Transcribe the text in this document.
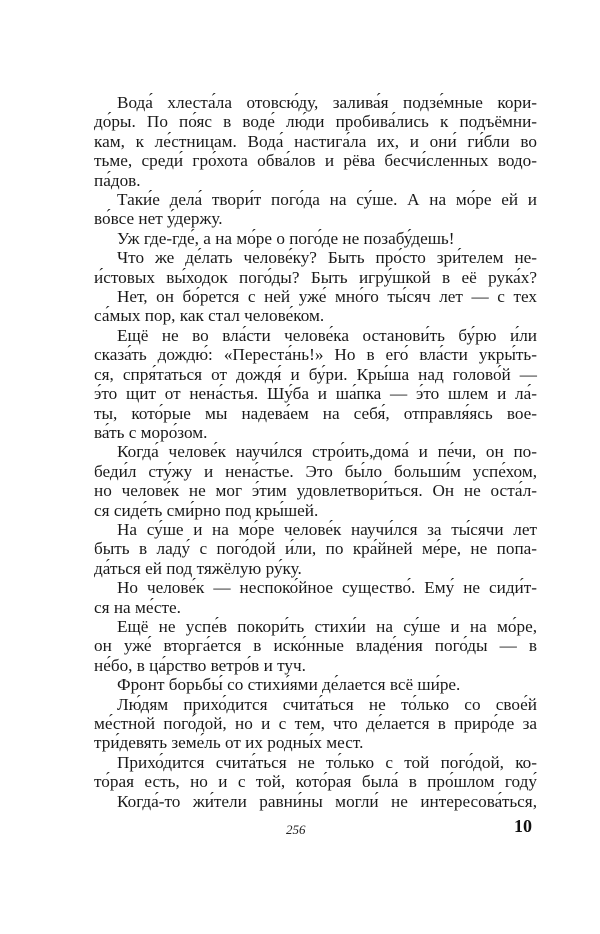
Вода́ хлеста́ла отовсю́ду, залива́я подзе́мные кори-
до́ры. По по́яс в воде́ лю́ди пробива́лись к подъёмни-
кам, к ле́стницам. Вода́ настига́ла их, и они́ ги́бли во
тьме, среди́ гро́хота обва́лов и рёва бесчи́сленных водо-
па́дов.
Таки́е дела́ твори́т пого́да на су́ше. А на мо́ре ей и
во́все нет у́держу.
Уж где-где́, а на мо́ре о пого́де не позабу́дешь!
Что же де́лать челове́ку? Быть про́сто зри́телем не-
и́стовых вы́ходок пого́ды? Быть игру́шкой в её рука́х?
Нет, он бо́рется с ней уже́ мно́го ты́сяч лет — с тех
са́мых пор, как стал челове́ком.
Ещё не во вла́сти челове́ка останови́ть бу́рю и́ли
сказа́ть дождю́: «Переста́нь!» Но в его́ вла́сти укры́ть-
ся, спря́таться от дождя́ и бу́ри. Кры́ша над голово́й —
э́то щит от нена́стья. Шу́ба и ша́пка — э́то шлем и ла́-
ты, кото́рые мы надева́ем на себя́, отправля́ясь вое-
ва́ть с моро́зом.
Когда́ челове́к научи́лся стро́ить,дома́ и пе́чи, он по-
беди́л сту́жу и нена́стье. Это бы́ло больши́м успе́хом,
но челове́к не мог э́тим удовлетвори́ться. Он не оста́л-
ся сиде́ть сми́рно под кры́шей.
На су́ше и на мо́ре челове́к научи́лся за ты́сячи лет
быть в ладу́ с пого́дой и́ли, по кра́йней ме́ре, не попа-
да́ться ей под тяжёлую ру́ку.
Но челове́к — неспоко́йное существо́. Ему́ не сиди́т-
ся на ме́сте.
Ещё не успе́в покори́ть стихи́и на су́ше и на мо́ре,
он уже́ вторга́ется в иско́нные владе́ния пого́ды — в
не́бо, в ца́рство ветро́в и туч.
Фронт борьбы́ со стихи́ями де́лается всё ши́ре.
Лю́дям прихо́дится счита́ться не то́лько со свое́й
ме́стной пого́дой, но и с тем, что де́лается в приро́де за
три́девять земе́ль от их родны́х мест.
Прихо́дится счита́ться не то́лько с той пого́дой, ко-
то́рая есть, но и с той, кото́рая была́ в про́шлом году́
Когда́-то жи́тели равни́ны могли́ не интересова́ться,
256	10
